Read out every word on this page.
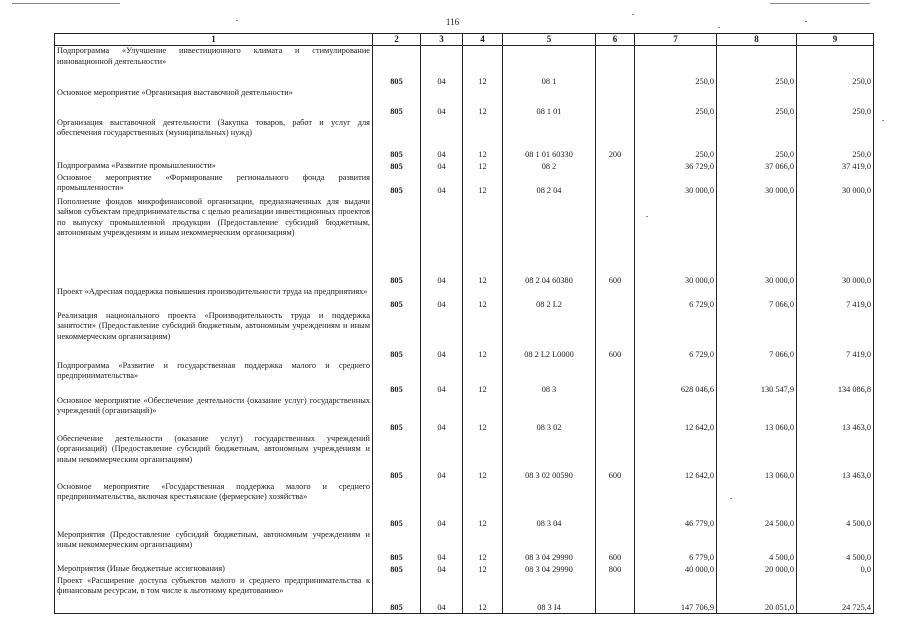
116
1	2	3	4	5	6	7	8	9
Подпрограмма «Улучшение инвестиционного климата и стимулирование инновационной деятельности»	805	04	12	08 1		250,0	250,0	250,0
Основное мероприятие «Организация выставочной деятельности»	805	04	12	08 1 01		250,0	250,0	250,0
Организация выставочной деятельности (Закупка товаров, работ и услуг для обеспечения государственных (муниципальных) нужд)	805	04	12	08 1 01 60330	200	250,0	250,0	250,0
Подпрограмма «Развитие промышленности»	805	04	12	08 2		36 729,0	37 066,0	37 419,0
Основное мероприятие «Формирование регионального фонда развития промышленности»	805	04	12	08 2 04		30 000,0	30 000,0	30 000,0
Пополнение фондов микрофинансовой организации, предназначенных для выдачи займов субъектам предпринимательства с целью реализации инвестиционных проектов по выпуску промышленной продукции (Предоставление субсидий бюджетным, автономным учреждениям и иным некоммерческим организациям)	805	04	12	08 2 04 60380	600	30 000,0	30 000,0	30 000,0
Проект «Адресная поддержка повышения производительности труда на предприятиях»	805	04	12	08 2 L2		6 729,0	7 066,0	7 419,0
Реализация национального проекта «Производительность труда и поддержка занятости» (Предоставление субсидий бюджетным, автономным учреждениям и иным некоммерческим организациям)	805	04	12	08 2 L2 L0000	600	6 729,0	7 066,0	7 419,0
Подпрограмма «Развитие и государственная поддержка малого и среднего предпринимательства»	805	04	12	08 3		628 046,6	130 547,9	134 086,8
Основное мероприятие «Обеспечение деятельности (оказание услуг) государственных учреждений (организаций)»	805	04	12	08 3 02		12 642,0	13 060,0	13 463,0
Обеспечение деятельности (оказание услуг) государственных учреждений (организаций) (Предоставление субсидий бюджетным, автономным учреждениям и иным некоммерческим организациям)	805	04	12	08 3 02 00590	600	12 642,0	13 060,0	13 463,0
Основное мероприятие «Государственная поддержка малого и среднего предпринимательства, включая крестьянские (фермерские) хозяйства»	805	04	12	08 3 04		46 779,0	24 500,0	4 500,0
Мероприятия (Предоставление субсидий бюджетным, автономным учреждениям и иным некоммерческим организациям)	805	04	12	08 3 04 29990	600	6 779,0	4 500,0	4 500,0
Мероприятия (Иные бюджетные ассигнования)	805	04	12	08 3 04 29990	800	40 000,0	20 000,0	0,0
Проект «Расширение доступа субъектов малого и среднего предпринимательства к финансовым ресурсам, в том числе к льготному кредитованию»	805	04	12	08 3 I4		147 706,9	20 051,0	24 725,4
